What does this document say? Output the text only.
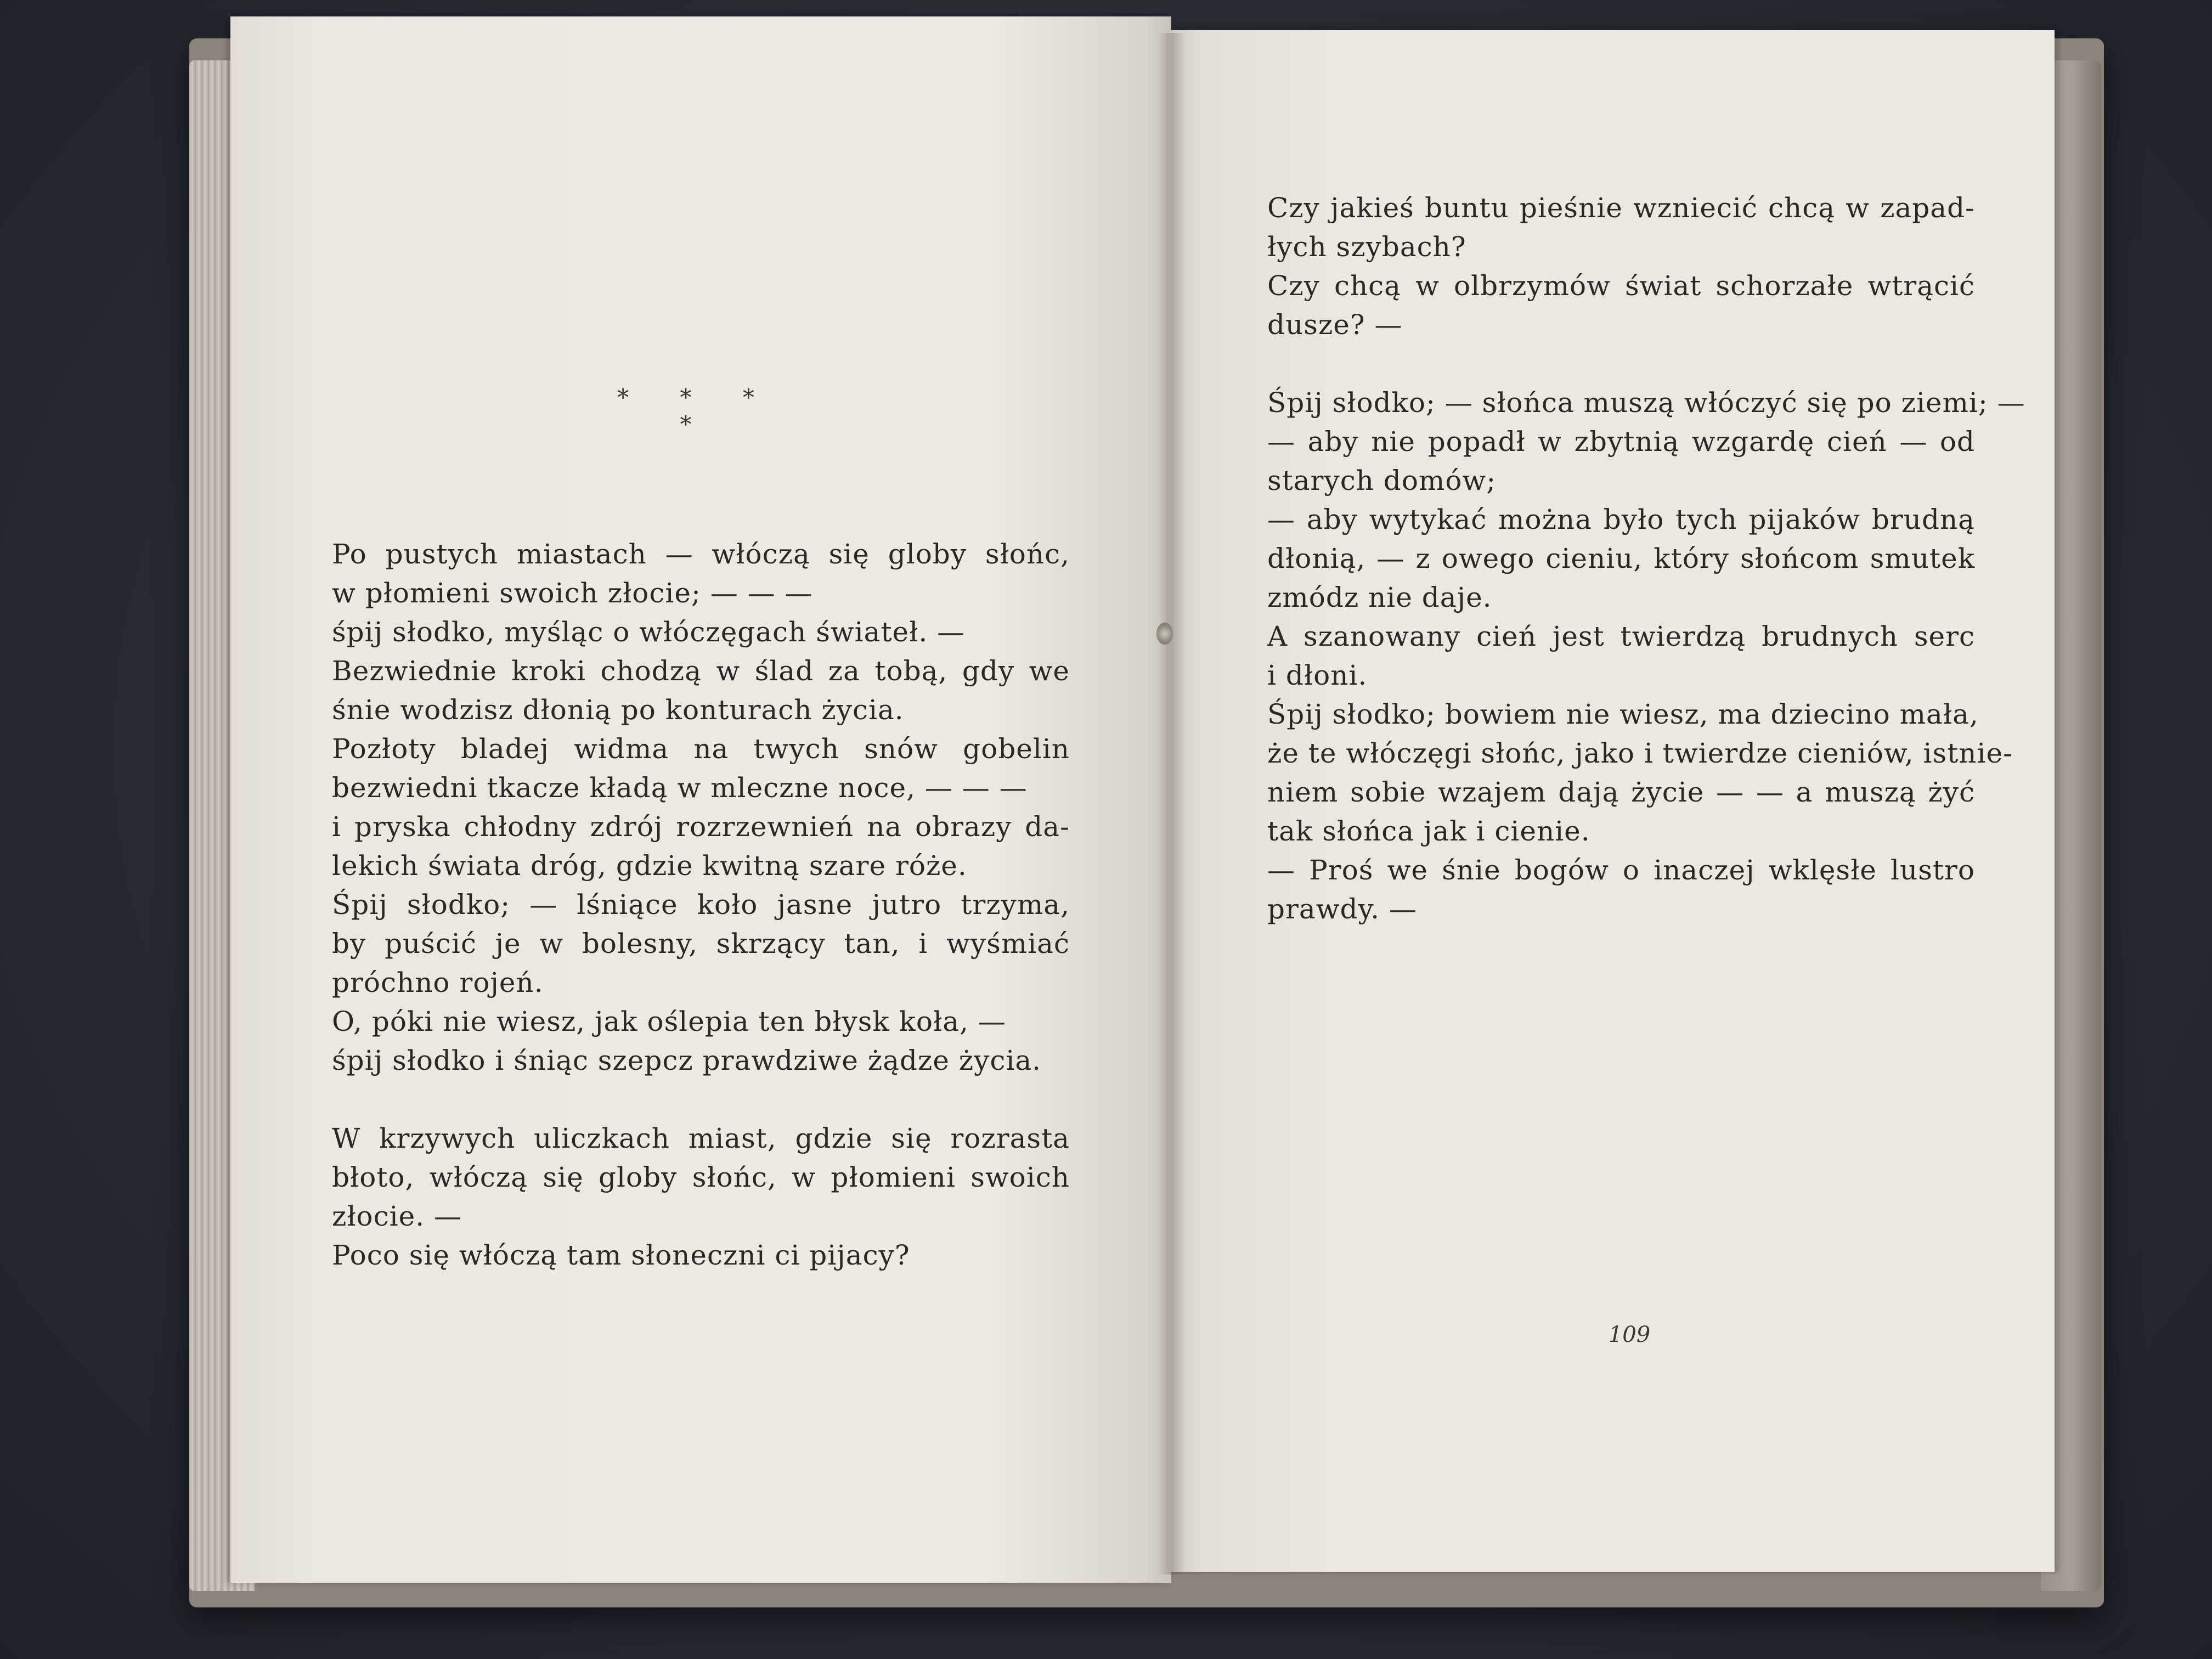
* * * *
Po pustych miastach — włóczą się globy słońc,
w płomieni swoich złocie; — — —
śpij słodko, myśląc o włóczęgach świateł. —
Bezwiednie kroki chodzą w ślad za tobą, gdy we
śnie wodzisz dłonią po konturach życia.
Pozłoty bladej widma na twych snów gobelin
bezwiedni tkacze kładą w mleczne noce, — — —
i pryska chłodny zdrój rozrzewnień na obrazy da-
lekich świata dróg, gdzie kwitną szare róże.
Śpij słodko; — lśniące koło jasne jutro trzyma,
by puścić je w bolesny, skrzący tan, i wyśmiać
próchno rojeń.
O, póki nie wiesz, jak oślepia ten błysk koła, —
śpij słodko i śniąc szepcz prawdziwe żądze życia.
W krzywych uliczkach miast, gdzie się rozrasta
błoto, włóczą się globy słońc, w płomieni swoich
złocie. —
Poco się włóczą tam słoneczni ci pijacy?
Czy jakieś buntu pieśnie wzniecić chcą w zapad-
łych szybach?
Czy chcą w olbrzymów świat schorzałe wtrącić
dusze? —
Śpij słodko; — słońca muszą włóczyć się po ziemi; —
— aby nie popadł w zbytnią wzgardę cień — od
starych domów;
— aby wytykać można było tych pijaków brudną
dłonią, — z owego cieniu, który słońcom smutek
zmódz nie daje.
A szanowany cień jest twierdzą brudnych serc
i dłoni.
Śpij słodko; bowiem nie wiesz, ma dziecino mała,
że te włóczęgi słońc, jako i twierdze cieniów, istnie-
niem sobie wzajem dają życie — — a muszą żyć
tak słońca jak i cienie.
— Proś we śnie bogów o inaczej wklęsłe lustro
prawdy. —
109
